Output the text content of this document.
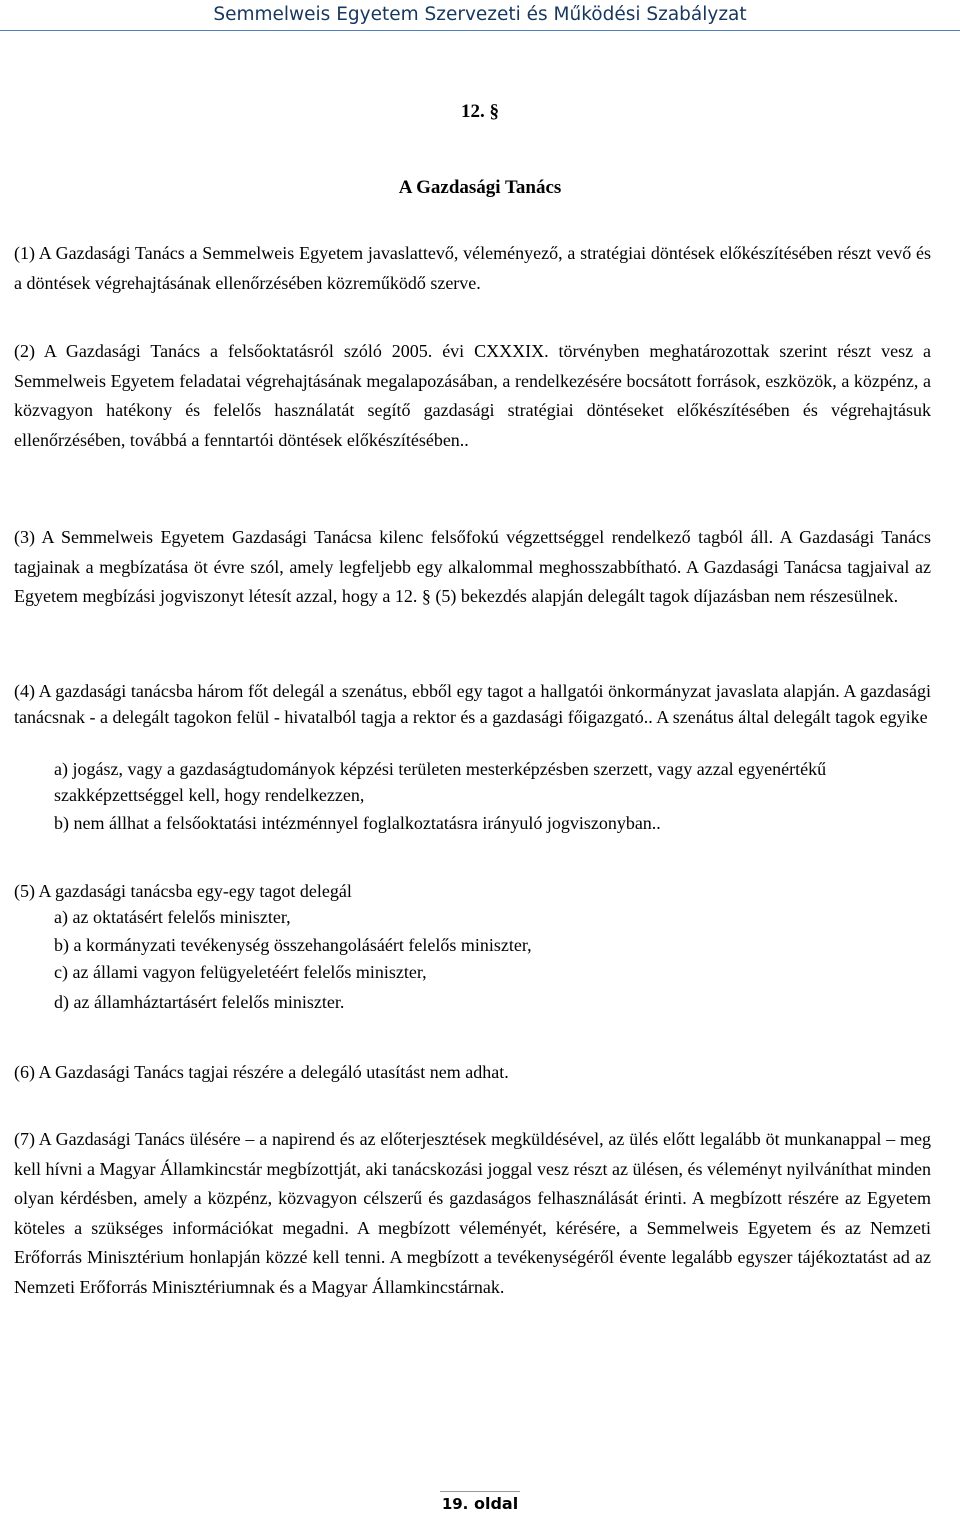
Semmelweis Egyetem Szervezeti és Működési Szabályzat
12. §
A Gazdasági Tanács

(1) A Gazdasági Tanács a Semmelweis Egyetem javaslattevő, véleményező, a stratégiai döntések előkészítésében részt vevő és a döntések végrehajtásának ellenőrzésében közreműködő szerve.

(2) A Gazdasági Tanács a felsőoktatásról szóló 2005. évi CXXXIX. törvényben meghatározottak szerint részt vesz a Semmelweis Egyetem feladatai végrehajtásának megalapozásában, a rendelkezésére bocsátott források, eszközök, a közpénz, a közvagyon hatékony és felelős használatát segítő gazdasági stratégiai döntéseket előkészítésében és végrehajtásuk ellenőrzésében, továbbá a fenntartói döntések előkészítésében..

(3) A Semmelweis Egyetem Gazdasági Tanácsa kilenc felsőfokú végzettséggel rendelkező tagból áll. A Gazdasági Tanács tagjainak a megbízatása öt évre szól, amely legfeljebb egy alkalommal meghosszabbítható. A Gazdasági Tanácsa tagjaival az Egyetem megbízási jogviszonyt létesít azzal, hogy a 12. § (5) bekezdés alapján delegált tagok díjazásban nem részesülnek.

(4) A gazdasági tanácsba három főt delegál a szenátus, ebből egy tagot a hallgatói önkormányzat javaslata alapján. A gazdasági tanácsnak - a delegált tagokon felül - hivatalból tagja a rektor és a gazdasági főigazgató.. A szenátus által delegált tagok egyike

a) jogász, vagy a gazdaságtudományok képzési területen mesterképzésben szerzett, vagy azzal egyenértékű szakképzettséggel kell, hogy rendelkezzen,

b) nem állhat a felsőoktatási intézménnyel foglalkoztatásra irányuló jogviszonyban..

(5) A gazdasági tanácsba egy-egy tagot delegál

a) az oktatásért felelős miniszter,

b) a kormányzati tevékenység összehangolásáért felelős miniszter,

c) az állami vagyon felügyeletéért felelős miniszter,

d) az államháztartásért felelős miniszter.

(6) A Gazdasági Tanács tagjai részére a delegáló utasítást nem adhat.

(7) A Gazdasági Tanács ülésére – a napirend és az előterjesztések megküldésével, az ülés előtt legalább öt munkanappal – meg kell hívni a Magyar Államkincstár megbízottját, aki tanácskozási joggal vesz részt az ülésen, és véleményt nyilváníthat minden olyan kérdésben, amely a közpénz, közvagyon célszerű és gazdaságos felhasználását érinti. A megbízott részére az Egyetem köteles a szükséges információkat megadni. A megbízott véleményét, kérésére, a Semmelweis Egyetem és az Nemzeti Erőforrás Minisztérium honlapján közzé kell tenni. A megbízott a tevékenységéről évente legalább egyszer tájékoztatást ad az Nemzeti Erőforrás Minisztériumnak és a Magyar Államkincstárnak.

19. oldal
